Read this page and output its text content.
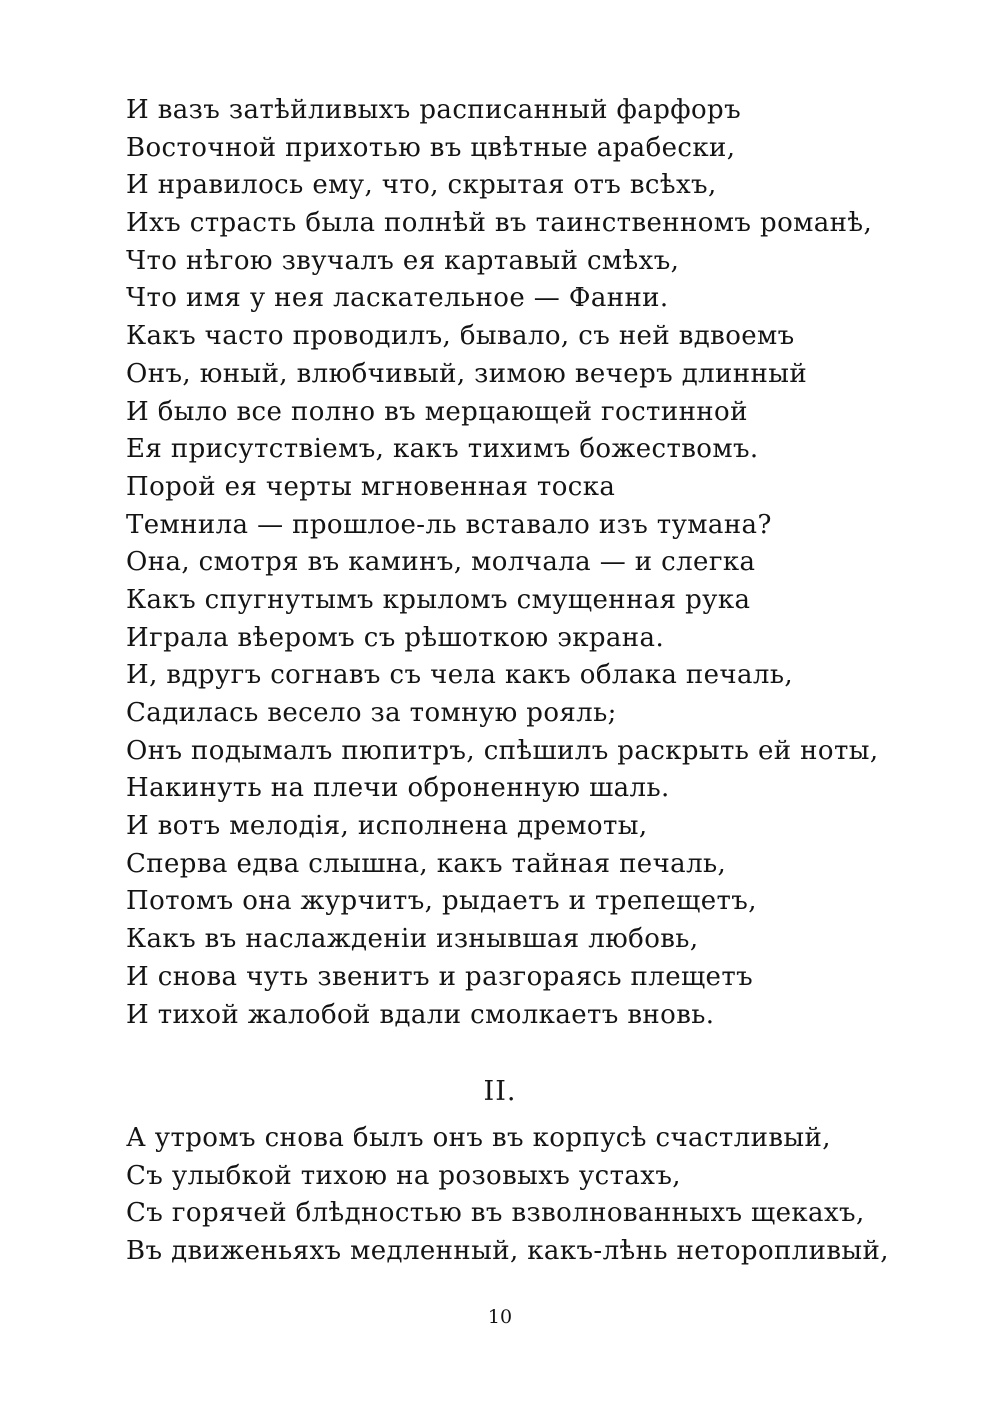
И вазъ затѣйливыхъ расписанный фарфоръ
Восточной прихотью въ цвѣтные арабески,
И нравилось ему, что, скрытая отъ всѣхъ,
Ихъ страсть была полнѣй въ таинственномъ романѣ,
Что нѣгою звучалъ ея картавый смѣхъ,
Что имя у нея ласкательное — Фанни.
Какъ часто проводилъ, бывало, съ ней вдвоемъ
Онъ, юный, влюбчивый, зимою вечеръ длинный
И было все полно въ мерцающей гостинной
Ея присутствіемъ, какъ тихимъ божествомъ.
Порой ея черты мгновенная тоска
Темнила — прошлое-ль вставало изъ тумана?
Она, смотря въ каминъ, молчала — и слегка
Какъ спугнутымъ крыломъ смущенная рука
Играла вѣеромъ съ рѣшоткою экрана.
И, вдругъ согнавъ съ чела какъ облака печаль,
Садилась весело за томную рояль;
Онъ подымалъ пюпитръ, спѣшилъ раскрыть ей ноты,
Накинуть на плечи оброненную шаль.
И вотъ мелодія, исполнена дремоты,
Сперва едва слышна, какъ тайная печаль,
Потомъ она журчитъ, рыдаетъ и трепещетъ,
Какъ въ наслажденіи изнывшая любовь,
И снова чуть звенитъ и разгораясь плещетъ
И тихой жалобой вдали смолкаетъ вновь.
II.
А утромъ снова былъ онъ въ корпусѣ счастливый,
Съ улыбкой тихою на розовыхъ устахъ,
Съ горячей блѣдностью въ взволнованныхъ щекахъ,
Въ движеньяхъ медленный, какъ-лѣнь неторопливый,
10
